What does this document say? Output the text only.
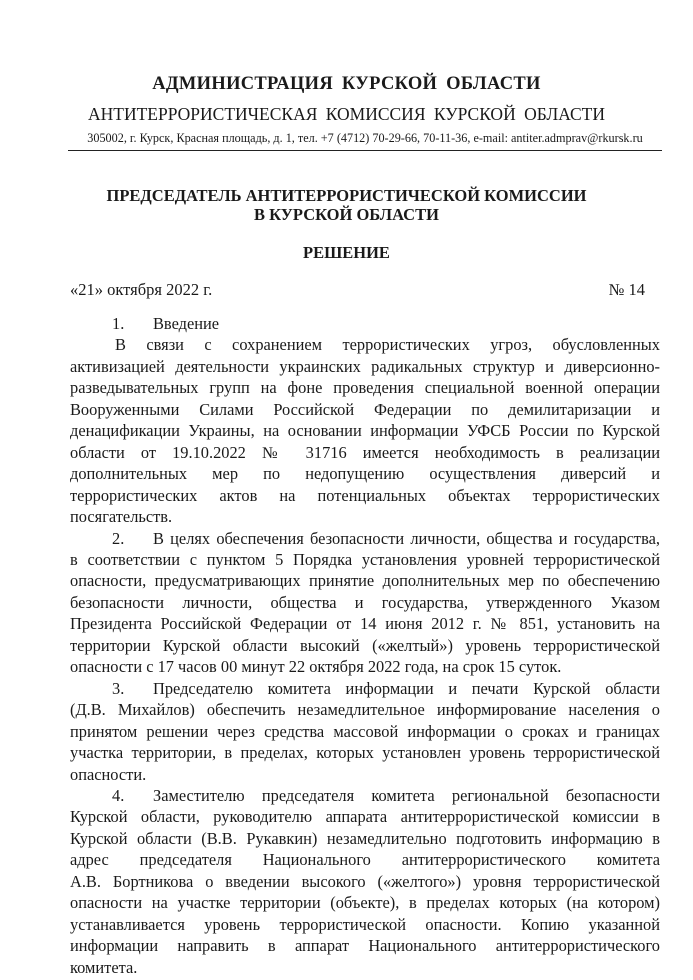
АДМИНИСТРАЦИЯ КУРСКОЙ ОБЛАСТИ
АНТИТЕРРОРИСТИЧЕСКАЯ КОМИССИЯ КУРСКОЙ ОБЛАСТИ
305002, г. Курск, Красная площадь, д. 1, тел. +7 (4712) 70-29-66, 70-11-36, e-mail: antiter.admprav@rkursk.ru
ПРЕДСЕДАТЕЛЬ АНТИТЕРРОРИСТИЧЕСКОЙ КОМИССИИ
В КУРСКОЙ ОБЛАСТИ
РЕШЕНИЕ
«21» октября 2022 г.	№ 14
1.	Введение
В связи с сохранением террористических угроз, обусловленных
активизацией деятельности украинских радикальных структур и диверсионно-
разведывательных групп на фоне проведения специальной военной операции
Вооруженными Силами Российской Федерации по демилитаризации и
денацификации Украины, на основании информации УФСБ России по Курской
области от 19.10.2022 № 31716 имеется необходимость в реализации
дополнительных мер по недопущению осуществления диверсий и
террористических актов на потенциальных объектах террористических
посягательств.
2.	В целях обеспечения безопасности личности, общества и государства,
в соответствии с пунктом 5 Порядка установления уровней террористической
опасности, предусматривающих принятие дополнительных мер по обеспечению
безопасности личности, общества и государства, утвержденного Указом
Президента Российской Федерации от 14 июня 2012 г. № 851, установить на
территории Курской области высокий («желтый») уровень террористической
опасности с 17 часов 00 минут 22 октября 2022 года, на срок 15 суток.
3.	Председателю комитета информации и печати Курской области
(Д.В. Михайлов) обеспечить незамедлительное информирование населения о
принятом решении через средства массовой информации о сроках и границах
участка территории, в пределах, которых установлен уровень террористической
опасности.
4.	Заместителю председателя комитета региональной безопасности
Курской области, руководителю аппарата антитеррористической комиссии в
Курской области (В.В. Рукавкин) незамедлительно подготовить информацию в
адрес председателя Национального антитеррористического комитета
А.В. Бортникова о введении высокого («желтого») уровня террористической
опасности на участке территории (объекте), в пределах которых (на котором)
устанавливается уровень террористической опасности. Копию указанной
информации направить в аппарат Национального антитеррористического
комитета.
